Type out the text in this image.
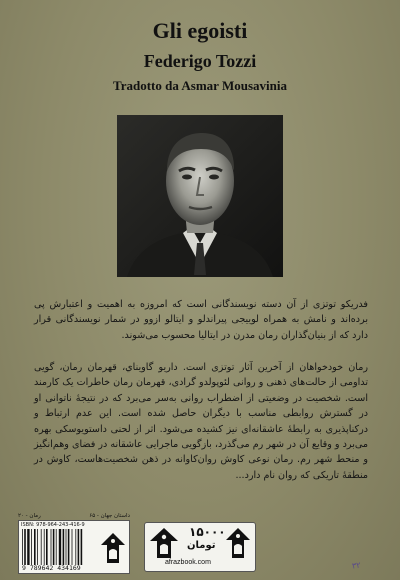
Gli egoisti
Federigo Tozzi
Tradotto da Asmar Mousavinia

فدریکو توتزی از آن دسته نویسندگانی است که امروزه به اهمیت و اعتبارش پی برده‌اند و نامش به همراه لوییجی پیراندلو و ایتالو ازوو در شمار نویسندگانی قرار دارد که از بنیان‌گذاران رمان مدرن در ایتالیا محسوب می‌شوند.

رمان خودخواهان از آخرین آثار توتزی است. داریو گاویناي، قهرمان رمان، گویی تداومی از حالت‌های ذهنی و روانی لئوپولدو گرادی، قهرمان رمان خاطرات یک کارمند است. شخصیت در وضعیتی از اضطراب روانی به‌سر می‌برد که در نتیجهٔ ناتوانی او در گسترش روابطی مناسب با دیگران حاصل شده است. این عدم ارتباط و درکناپذیری به رابطهٔ عاشقانه‌ای نیز کشیده می‌شود. اثر از لحنی داستویوسکی بهره می‌برد و وقایع آن در شهر رم می‌گذرد، بازگویی ماجرایی عاشقانه در فضای وهم‌انگیز و منحط شهر رم. رمان نوعی کاوش روان‌کاوانه در ذهن شخصیت‌هاست، کاوش در منطقهٔ تاریکی که روان نام دارد...

رمان - ۲۰	داستان جهان - ۶۵
ISBN: 978-964-243-416-9
9 789642 434169
۱۵۰۰۰
تومان
afrazbook.com	۳۲
